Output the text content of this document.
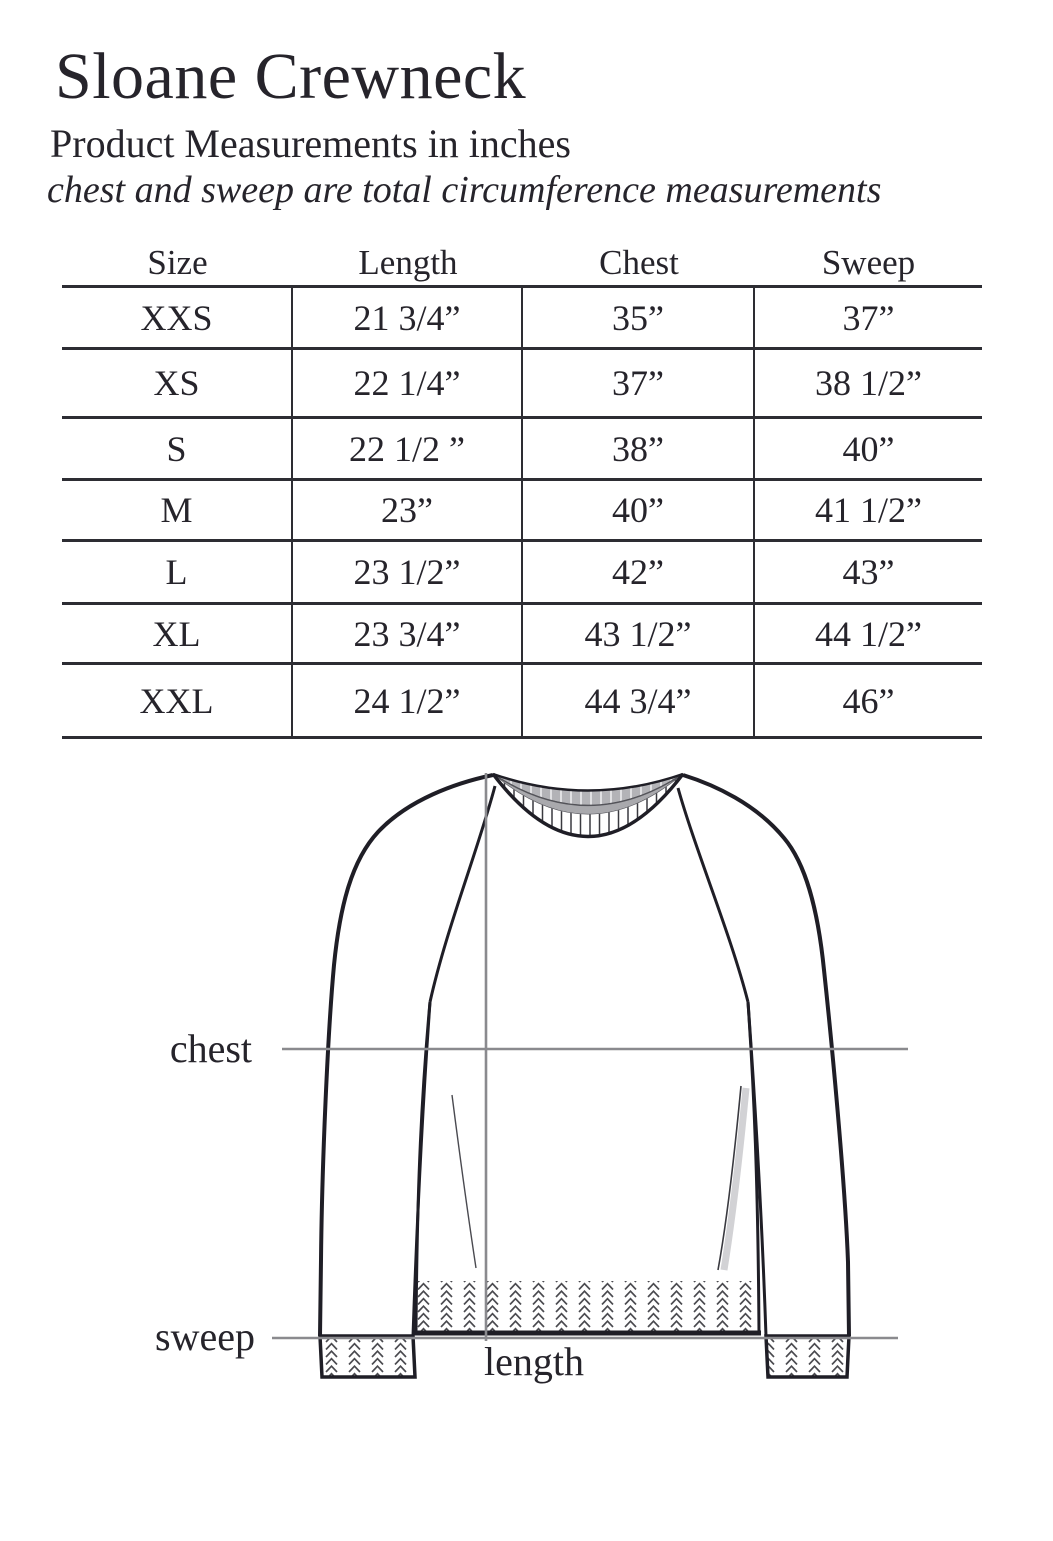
Sloane Crewneck
Product Measurements in inches
chest and sweep are total circumference measurements
Size	Length	Chest	Sweep
XXS	21 3/4”	35”	37”
XS	22 1/4”	37”	38 1/2”
S	22 1/2 ”	38”	40”
M	23”	40”	41 1/2”
L	23 1/2”	42”	43”
XL	23 3/4”	43 1/2”	44 1/2”
XXL	24 1/2”	44 3/4”	46”
chest
sweep
length
